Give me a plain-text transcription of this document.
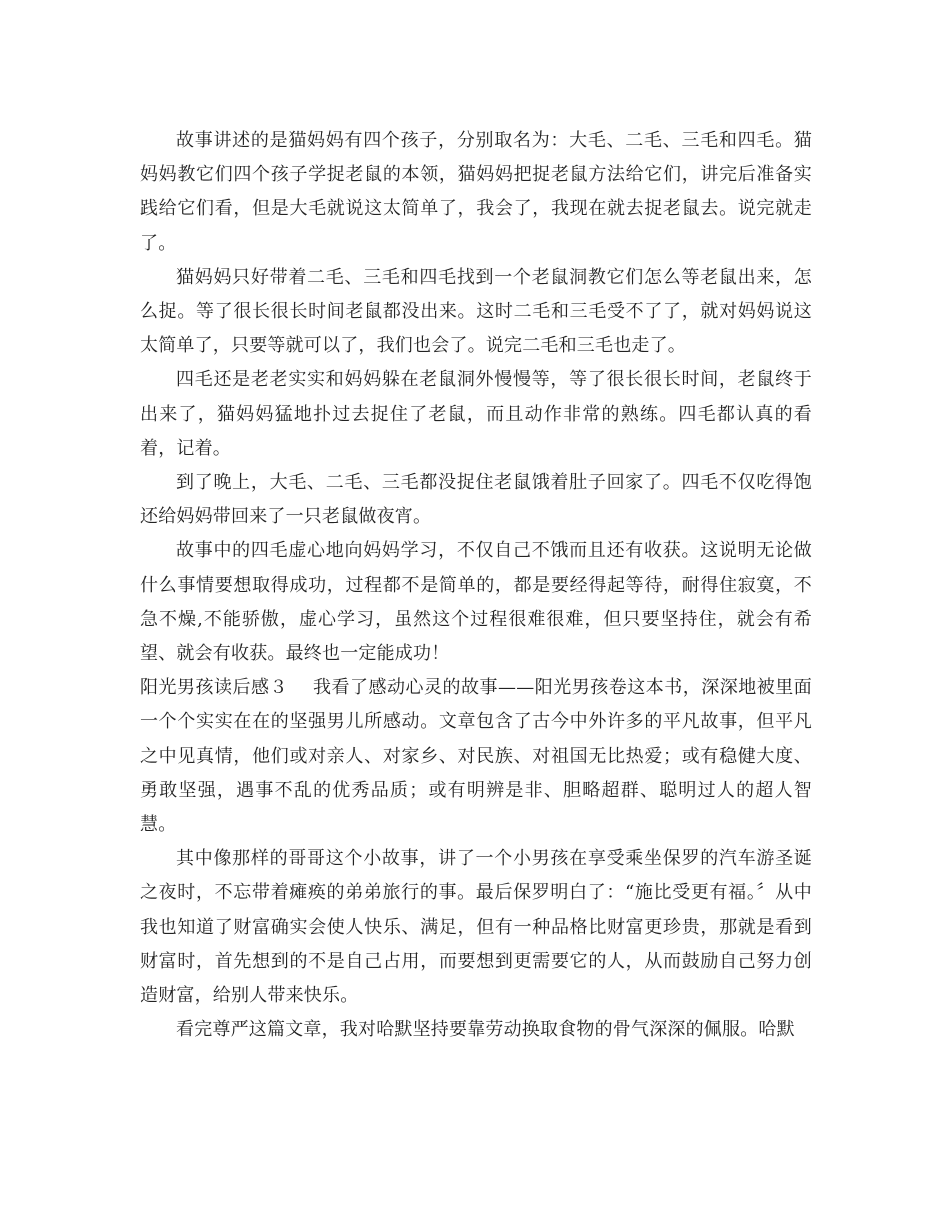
故事讲述的是猫妈妈有四个孩子，分别取名为：大毛、二毛、三毛和四毛。猫妈妈教它们四个孩子学捉老鼠的本领，猫妈妈把捉老鼠方法给它们，讲完后准备实践给它们看，但是大毛就说这太简单了，我会了，我现在就去捉老鼠去。说完就走了。

猫妈妈只好带着二毛、三毛和四毛找到一个老鼠洞教它们怎么等老鼠出来，怎么捉。等了很长很长时间老鼠都没出来。这时二毛和三毛受不了了，就对妈妈说这太简单了，只要等就可以了，我们也会了。说完二毛和三毛也走了。

四毛还是老老实实和妈妈躲在老鼠洞外慢慢等，等了很长很长时间，老鼠终于出来了，猫妈妈猛地扑过去捉住了老鼠，而且动作非常的熟练。四毛都认真的看着，记着。

到了晚上，大毛、二毛、三毛都没捉住老鼠饿着肚子回家了。四毛不仅吃得饱还给妈妈带回来了一只老鼠做夜宵。

故事中的四毛虚心地向妈妈学习，不仅自己不饿而且还有收获。这说明无论做什么事情要想取得成功，过程都不是简单的，都是要经得起等待，耐得住寂寞，不急不燥,不能骄傲，虚心学习，虽然这个过程很难很难，但只要坚持住，就会有希望、就会有收获。最终也一定能成功！

阳光男孩读后感３ 我看了感动心灵的故事——阳光男孩卷这本书，深深地被里面一个个实实在在的坚强男儿所感动。文章包含了古今中外许多的平凡故事，但平凡之中见真情，他们或对亲人、对家乡、对民族、对祖国无比热爱；或有稳健大度、勇敢坚强，遇事不乱的优秀品质；或有明辨是非、胆略超群、聪明过人的超人智慧。

其中像那样的哥哥这个小故事，讲了一个小男孩在享受乘坐保罗的汽车游圣诞之夜时，不忘带着瘫痪的弟弟旅行的事。最后保罗明白了：“施比受更有福。〞从中我也知道了财富确实会使人快乐、满足，但有一种品格比财富更珍贵，那就是看到财富时，首先想到的不是自己占用，而要想到更需要它的人，从而鼓励自己努力创造财富，给别人带来快乐。

看完尊严这篇文章，我对哈默坚持要靠劳动换取食物的骨气深深的佩服。哈默
